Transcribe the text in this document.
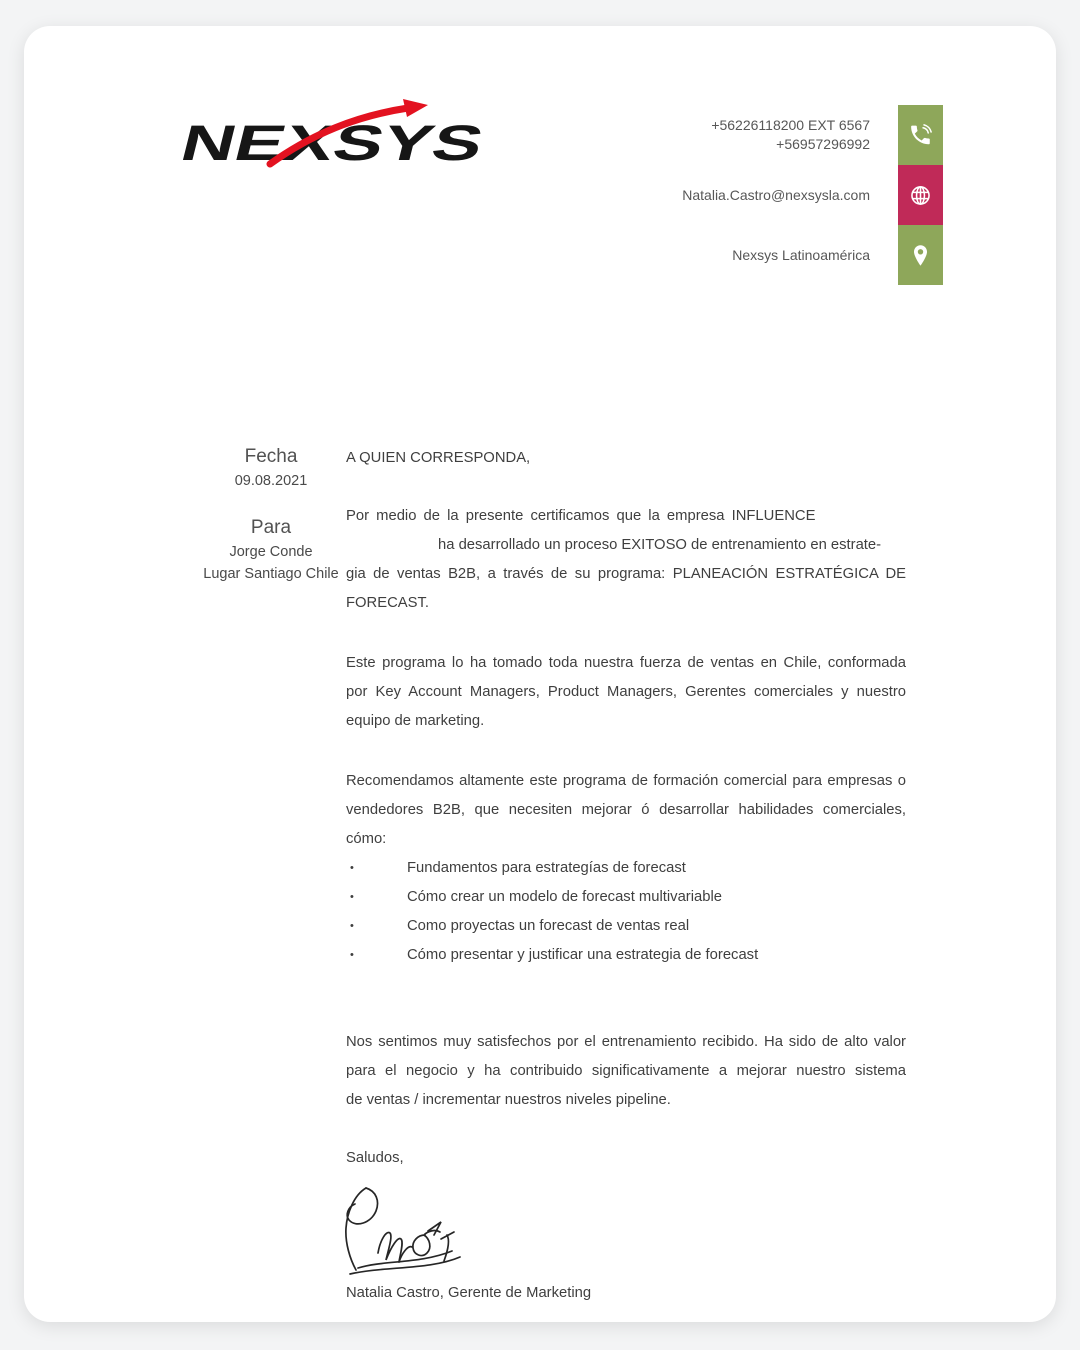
NEXSYS	+56226118200 EXT 6567
+56957296992
Natalia.Castro@nexsysla.com
Nexsys Latinoamérica
Fecha
09.08.2021
Para
Jorge Conde
Lugar Santiago Chile
A QUIEN CORRESPONDA,
Por medio de la presente certificamos que la empresa INFLUENCE
ha desarrollado un proceso EXITOSO de entrenamiento en estrate-
gia de ventas B2B, a través de su programa: PLANEACIÓN ESTRATÉGICA DE
FORECAST.
Este programa lo ha tomado toda nuestra fuerza de ventas en Chile, conformada
por Key Account Managers, Product Managers, Gerentes comerciales y nuestro
equipo de marketing.
Recomendamos altamente este programa de formación comercial para empresas o
vendedores B2B, que necesiten mejorar ó desarrollar habilidades comerciales,
cómo:
•	Fundamentos para estrategías de forecast
•	Cómo crear un modelo de forecast multivariable
•	Como proyectas un forecast de ventas real
•	Cómo presentar y justificar una estrategia de forecast
Nos sentimos muy satisfechos por el entrenamiento recibido. Ha sido de alto valor
para el negocio y ha contribuido significativamente a mejorar nuestro sistema
de ventas / incrementar nuestros niveles pipeline.
Saludos,
Natalia Castro, Gerente de Marketing
